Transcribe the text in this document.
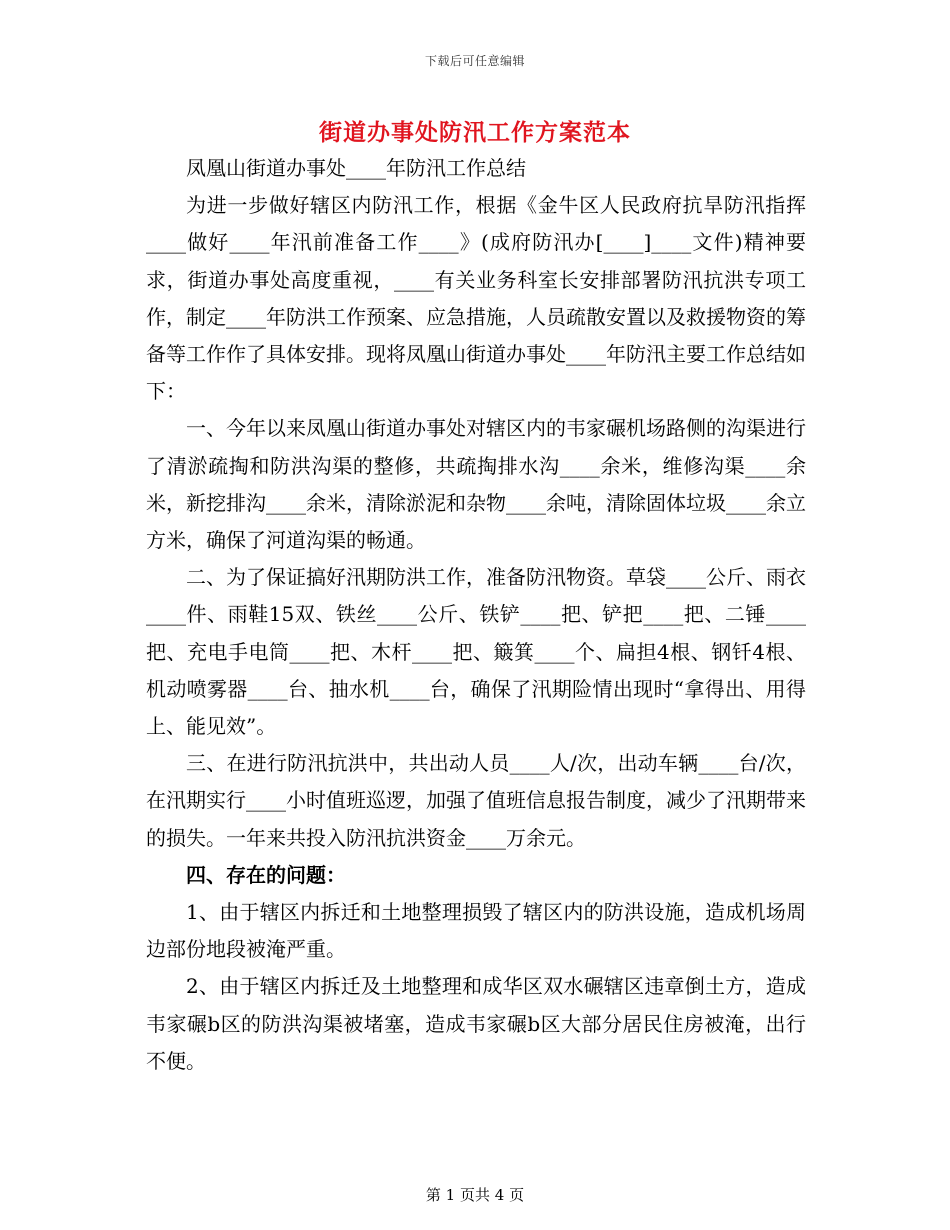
下载后可任意编辑
街道办事处防汛工作方案范本

凤凰山街道办事处____年防汛工作总结

为进一步做好辖区内防汛工作，根据《金牛区人民政府抗旱防汛指挥____做好____年汛前准备工作____》(成府防汛办[____]____文件)精神要求，街道办事处高度重视，____有关业务科室长安排部署防汛抗洪专项工作，制定____年防洪工作预案、应急措施，人员疏散安置以及救援物资的筹备等工作作了具体安排。现将凤凰山街道办事处____年防汛主要工作总结如下：

一、今年以来凤凰山街道办事处对辖区内的韦家碾机场路侧的沟渠进行了清淤疏掏和防洪沟渠的整修，共疏掏排水沟____余米，维修沟渠____余米，新挖排沟____余米，清除淤泥和杂物____余吨，清除固体垃圾____余立方米，确保了河道沟渠的畅通。

二、为了保证搞好汛期防洪工作，准备防汛物资。草袋____公斤、雨衣____件、雨鞋15双、铁丝____公斤、铁铲____把、铲把____把、二锤____把、充电手电筒____把、木杆____把、簸箕____个、扁担4根、钢钎4根、机动喷雾器____台、抽水机____台，确保了汛期险情出现时“拿得出、用得上、能见效”。

三、在进行防汛抗洪中，共出动人员____人/次，出动车辆____台/次，在汛期实行____小时值班巡逻，加强了值班信息报告制度，减少了汛期带来的损失。一年来共投入防汛抗洪资金____万余元。

四、存在的问题：

1、由于辖区内拆迁和土地整理损毁了辖区内的防洪设施，造成机场周边部份地段被淹严重。

2、由于辖区内拆迁及土地整理和成华区双水碾辖区违章倒土方，造成韦家碾b区的防洪沟渠被堵塞，造成韦家碾b区大部分居民住房被淹，出行不便。

第 1 页共 4 页
